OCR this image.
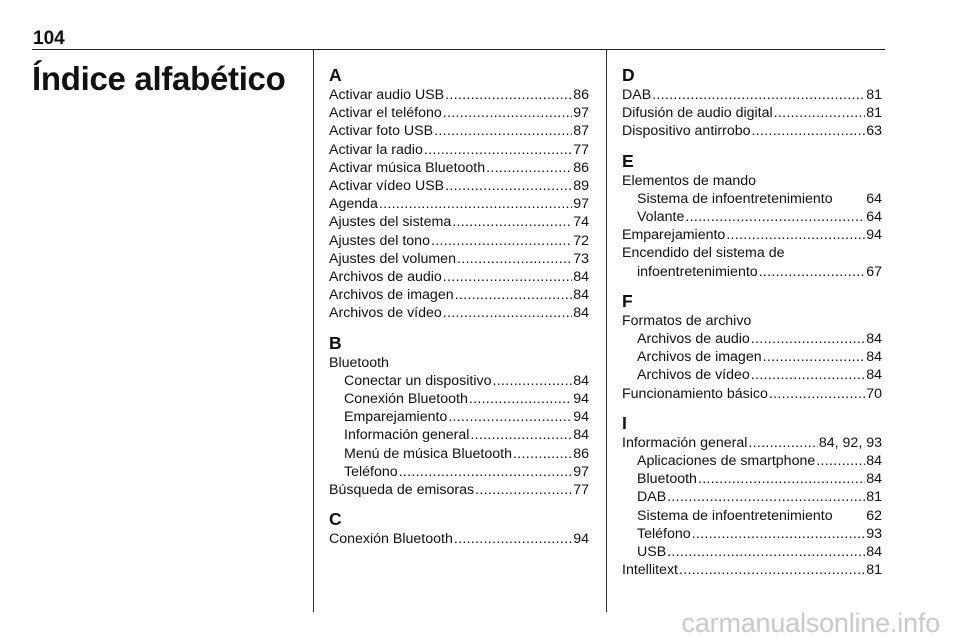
104
Índice alfabético A
Activar audio USB .....	86
Activar el teléfono .....	97
Activar foto USB .....	87
Activar la radio .....	77
Activar música Bluetooth .....	86
Activar vídeo USB .....	89
Agenda .....	97
Ajustes del sistema .....	74
Ajustes del tono .....	72
Ajustes del volumen .....	73
Archivos de audio .....	84
Archivos de imagen .....	84
Archivos de vídeo .....	84
B
Bluetooth
Conectar un dispositivo .....	84
Conexión Bluetooth .....	94
Emparejamiento .....	94
Información general .....	84
Menú de música Bluetooth .....	86
Teléfono .....	97
Búsqueda de emisoras .....	77
C
Conexión Bluetooth .....	94
D
DAB .....	81
Difusión de audio digital .....	81
Dispositivo antirrobo .....	63
E
Elementos de mando
Sistema de infoentretenimiento 64
Volante .....	64
Emparejamiento .....	94
Encendido del sistema de
infoentretenimiento .....	67
F
Formatos de archivo
Archivos de audio .....	84
Archivos de imagen .....	84
Archivos de vídeo .....	84
Funcionamiento básico .....	70
I
Información general .....	84, 92, 93
Aplicaciones de smartphone .....	84
Bluetooth .....	84
DAB .....	81
Sistema de infoentretenimiento 62
Teléfono .....	93
USB .....	84
Intellitext .....	81
carmanualsonline.info
